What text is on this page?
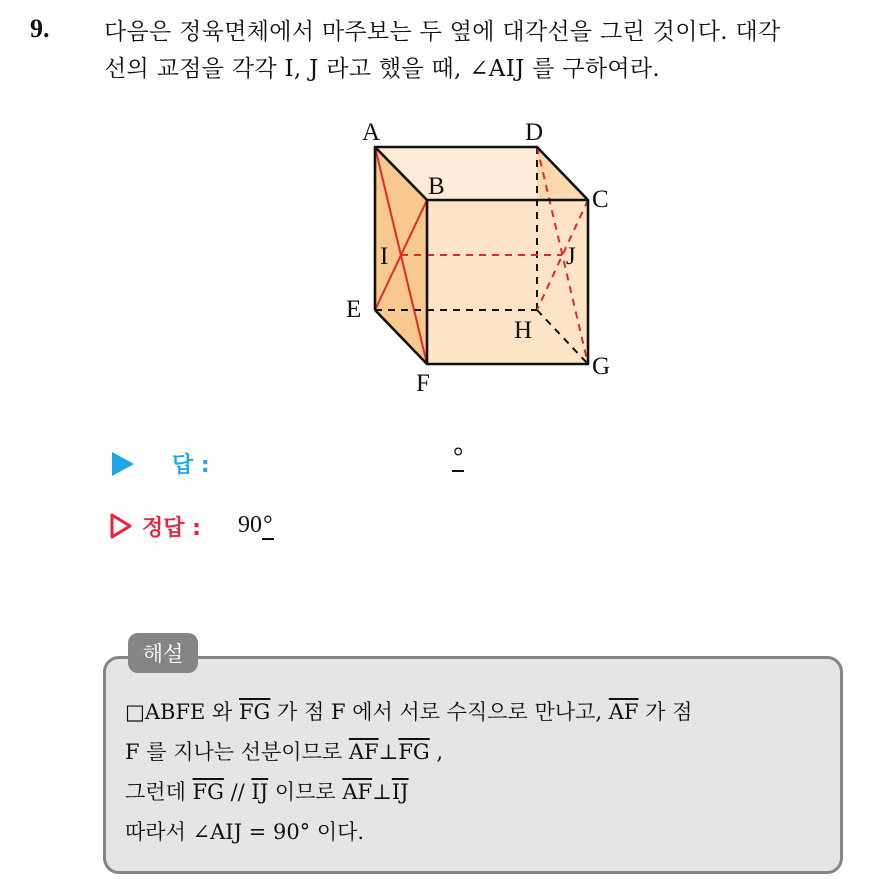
9. 다음은 정육면체에서 마주보는 두 옆에 대각선을 그린 것이다. 대각
선의 교점을 각각 I, J 라고 했을 때, ∠AIJ 를 구하여라.
A	D
B	C
I	J
E
H
G
F
답 :	°
정답 : 90°
해설
□ABFE 와 $\overline{FG}$ 가 점 F 에서 서로 수직으로 만나고, $\overline{AF}$ 가 점
F 를 지나는 선분이므로 $\overline{AF}\perp\overline{FG}$ ,
그런데 $\overline{FG} // \overline{IJ}$ 이므로 $\overline{AF}\perp\overline{IJ}$
따라서 ∠AIJ = 90° 이다.
